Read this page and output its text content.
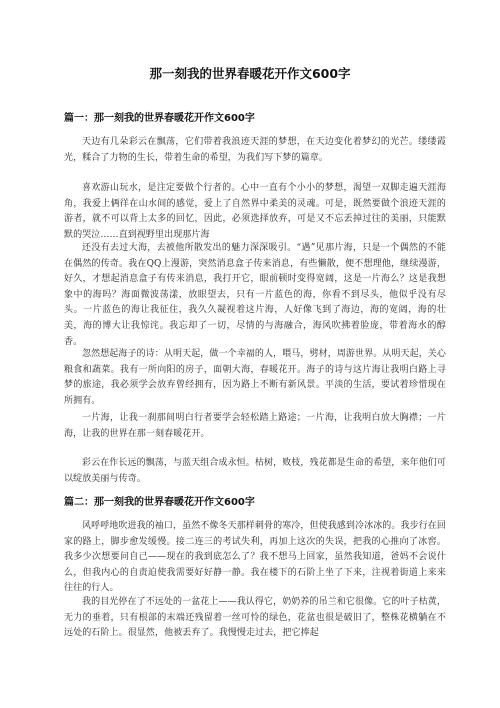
那一刻我的世界春暖花开作文600字
篇一：那一刻我的世界春暖花开作文600字

天边有几朵彩云在飘荡，它们带着我浪迹天涯的梦想，在天边变化着梦幻的光芒。缕缕霞光，糅合了力物的生长，带着生命的希望，为我们写下梦的篇章。

喜欢游山玩水，是注定要做个行者的。心中一直有个小小的梦想，渴望一双脚走遍天涯海角，我爱上俩徉在山水间的感觉，爱上了自然界中柔美的灵魂。可是，既然要做个浪迹天涯的游者，就不可以背上太多的回忆，因此，必须选择放弃，可是又不忘丢掉过往的美丽，只能默默的哭泣……直到视野里出现那片海

还没有去过大海，去被他所散发出的魅力深深吸引。“遇”见那片海，只是一个偶然的不能在偶然的传奇。我在QQ上漫游，突然消息盒子传来消息，有些懒散，便不想理他，继续漫游，好久，才想起消息盒子有传来消息，我打开它，眼前顿时变得宽阔，这是一片海么？这是我想象中的海吗？海面微波荡漾，放眼望去，只有一片蓝色的海，你看不到尽头，他似乎没有尽头。一片蓝色的海让我征住，我久久凝视着这片海，人好像飞到了海边，海的宽阔，海的壮美，海的博大让我惊诧。我忘却了一切，尽情的与海融合，海风吹拂着脸庞，带着海水的醇香。

忽然想起海子的诗：从明天起，做一个幸福的人，喂马，劈材，周游世界。从明天起，关心粮食和蔬菜。我有一所向阳的房子，面朝大海，春暖花开。海子的诗与这片海让我明白路上寻梦的旅途，我必须学会放弃曾经拥有，因为路上不断有新风景。平淡的生活，要试着珍惜现在所拥有。

一片海，让我一刹那间明白行者要学会轻松踏上路途；一片海，让我明白放大胸襟；一片海，让我的世界在那一刻春暖花开。

彩云在作长远的飘荡，与蓝天组合成永恒。枯树，败枝，残花都是生命的希望，来年他们可以绽放美丽与传奇。

篇二：那一刻我的世界春暖花开作文600字

风呼呼地吹进我的袖口，虽然不像冬天那样刺骨的寒冷，但使我感到冷冰冰的。我步行在回家的路上，脚步愈发缓慢。接二连三的考试失利，再加上这次的失误，把我的心推向了冰窖。我多少次想要问自己——现在的我到底怎么了？我不想马上回家，虽然我知道，爸妈不会说什么，但我内心的自责迫使我需要好好静一静。我在楼下的石阶上坐了下来，注视着街道上来来往往的行人。

我的目光停在了不远处的一盆花上——我认得它，奶奶养的吊兰和它很像。它的叶子枯黄，无力的垂着，只有根部的末端还残留着一丝可怜的绿色，花盆也很是破旧了，整株花横躺在不远处的石阶上。很显然，他被丢弃了。我慢慢走过去，把它捧起
